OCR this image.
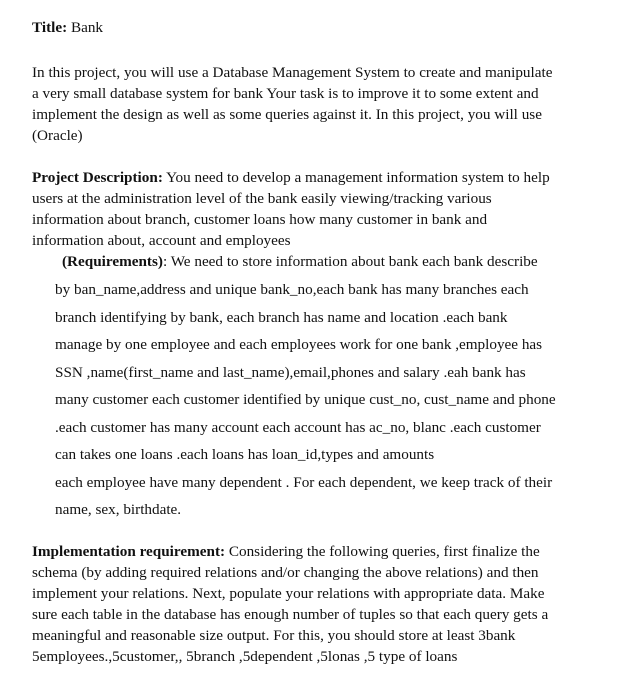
Title: Bank
In this project, you will use a Database Management System to create and manipulate
a very small database system for bank Your task is to improve it to some extent and
implement the design as well as some queries against it. In this project, you will use
(Oracle)
Project Description: You need to develop a management information system to help
users at the administration level of the bank easily viewing/tracking various
information about branch, customer loans how many customer in bank and
information about, account and employees
(Requirements): We need to store information about bank each bank describe
by ban_name,address and unique bank_no,each bank has many branches each
branch identifying by bank, each branch has name and location .each bank
manage by one employee and each employees work for one bank ,employee has
SSN ,name(first_name and last_name),email,phones and salary .eah bank has
many customer each customer identified by unique cust_no, cust_name and phone
.each customer has many account each account has ac_no, blanc .each customer
can takes one loans .each loans has loan_id,types and amounts
each employee have many dependent . For each dependent, we keep track of their
name, sex, birthdate.
Implementation requirement: Considering the following queries, first finalize the
schema (by adding required relations and/or changing the above relations) and then
implement your relations. Next, populate your relations with appropriate data. Make
sure each table in the database has enough number of tuples so that each query gets a
meaningful and reasonable size output. For this, you should store at least 3bank
5employees.,5customer,, 5branch ,5dependent ,5lonas ,5 type of loans
